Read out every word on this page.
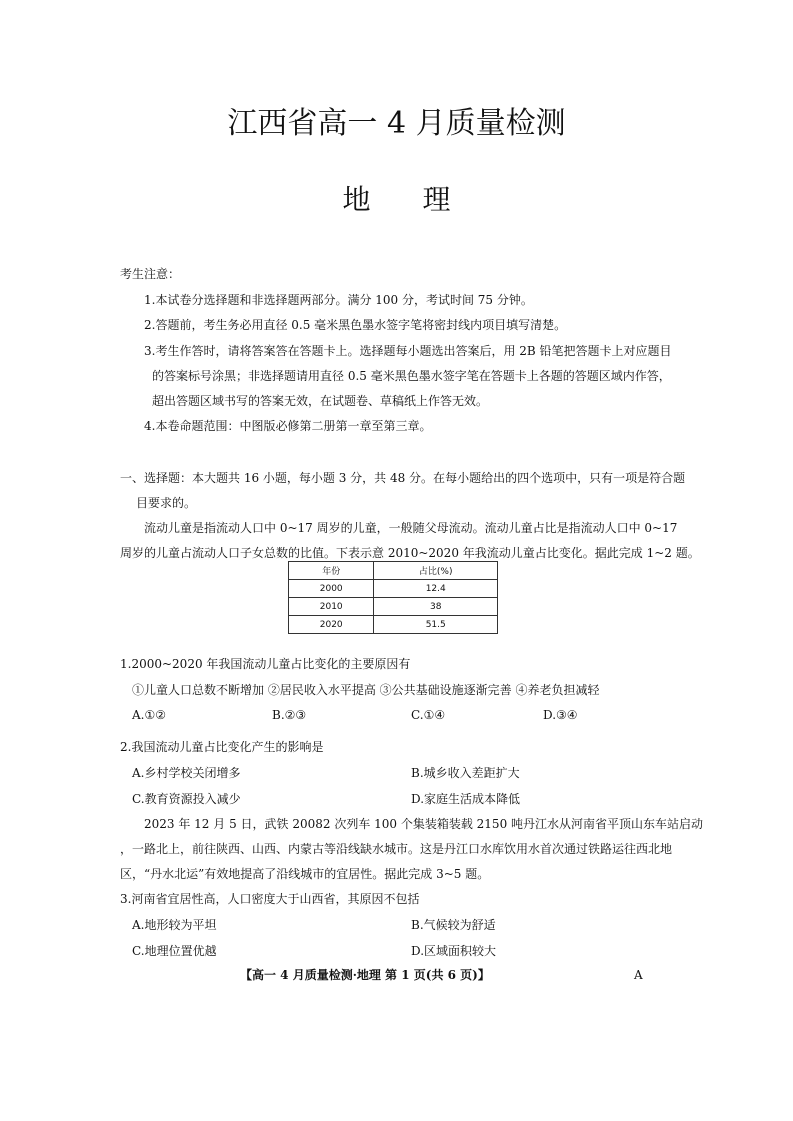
江西省高一 4 月质量检测
地 理
考生注意：
1.本试卷分选择题和非选择题两部分。满分 100 分，考试时间 75 分钟。
2.答题前，考生务必用直径 0.5 毫米黑色墨水签字笔将密封线内项目填写清楚。
3.考生作答时，请将答案答在答题卡上。选择题每小题选出答案后，用 2B 铅笔把答题卡上对应题目
的答案标号涂黑；非选择题请用直径 0.5 毫米黑色墨水签字笔在答题卡上各题的答题区域内作答，
超出答题区域书写的答案无效，在试题卷、草稿纸上作答无效。
4.本卷命题范围：中图版必修第二册第一章至第三章。
一、选择题：本大题共 16 小题，每小题 3 分，共 48 分。在每小题给出的四个选项中，只有一项是符合题
目要求的。
流动儿童是指流动人口中 0~17 周岁的儿童，一般随父母流动。流动儿童占比是指流动人口中 0~17
周岁的儿童占流动人口子女总数的比值。下表示意 2010~2020 年我流动儿童占比变化。据此完成 1~2 题。
年份	占比(%)
2000	12.4
2010	38
2020	51.5
1.2000~2020 年我国流动儿童占比变化的主要原因有
①儿童人口总数不断增加 ②居民收入水平提高 ③公共基础设施逐渐完善 ④养老负担减轻
A.①②	B.②③	C.①④	D.③④
2.我国流动儿童占比变化产生的影响是
A.乡村学校关闭增多	B.城乡收入差距扩大
C.教育资源投入减少	D.家庭生活成本降低
2023 年 12 月 5 日，武铁 20082 次列车 100 个集装箱装载 2150 吨丹江水从河南省平顶山东车站启动
，一路北上，前往陕西、山西、内蒙古等沿线缺水城市。这是丹江口水库饮用水首次通过铁路运往西北地
区，“丹水北运”有效地提高了沿线城市的宜居性。据此完成 3~5 题。
3.河南省宜居性高，人口密度大于山西省，其原因不包括
A.地形较为平坦	B.气候较为舒适
C.地理位置优越	D.区域面积较大
【高一 4 月质量检测·地理 第 1 页(共 6 页)】	A
